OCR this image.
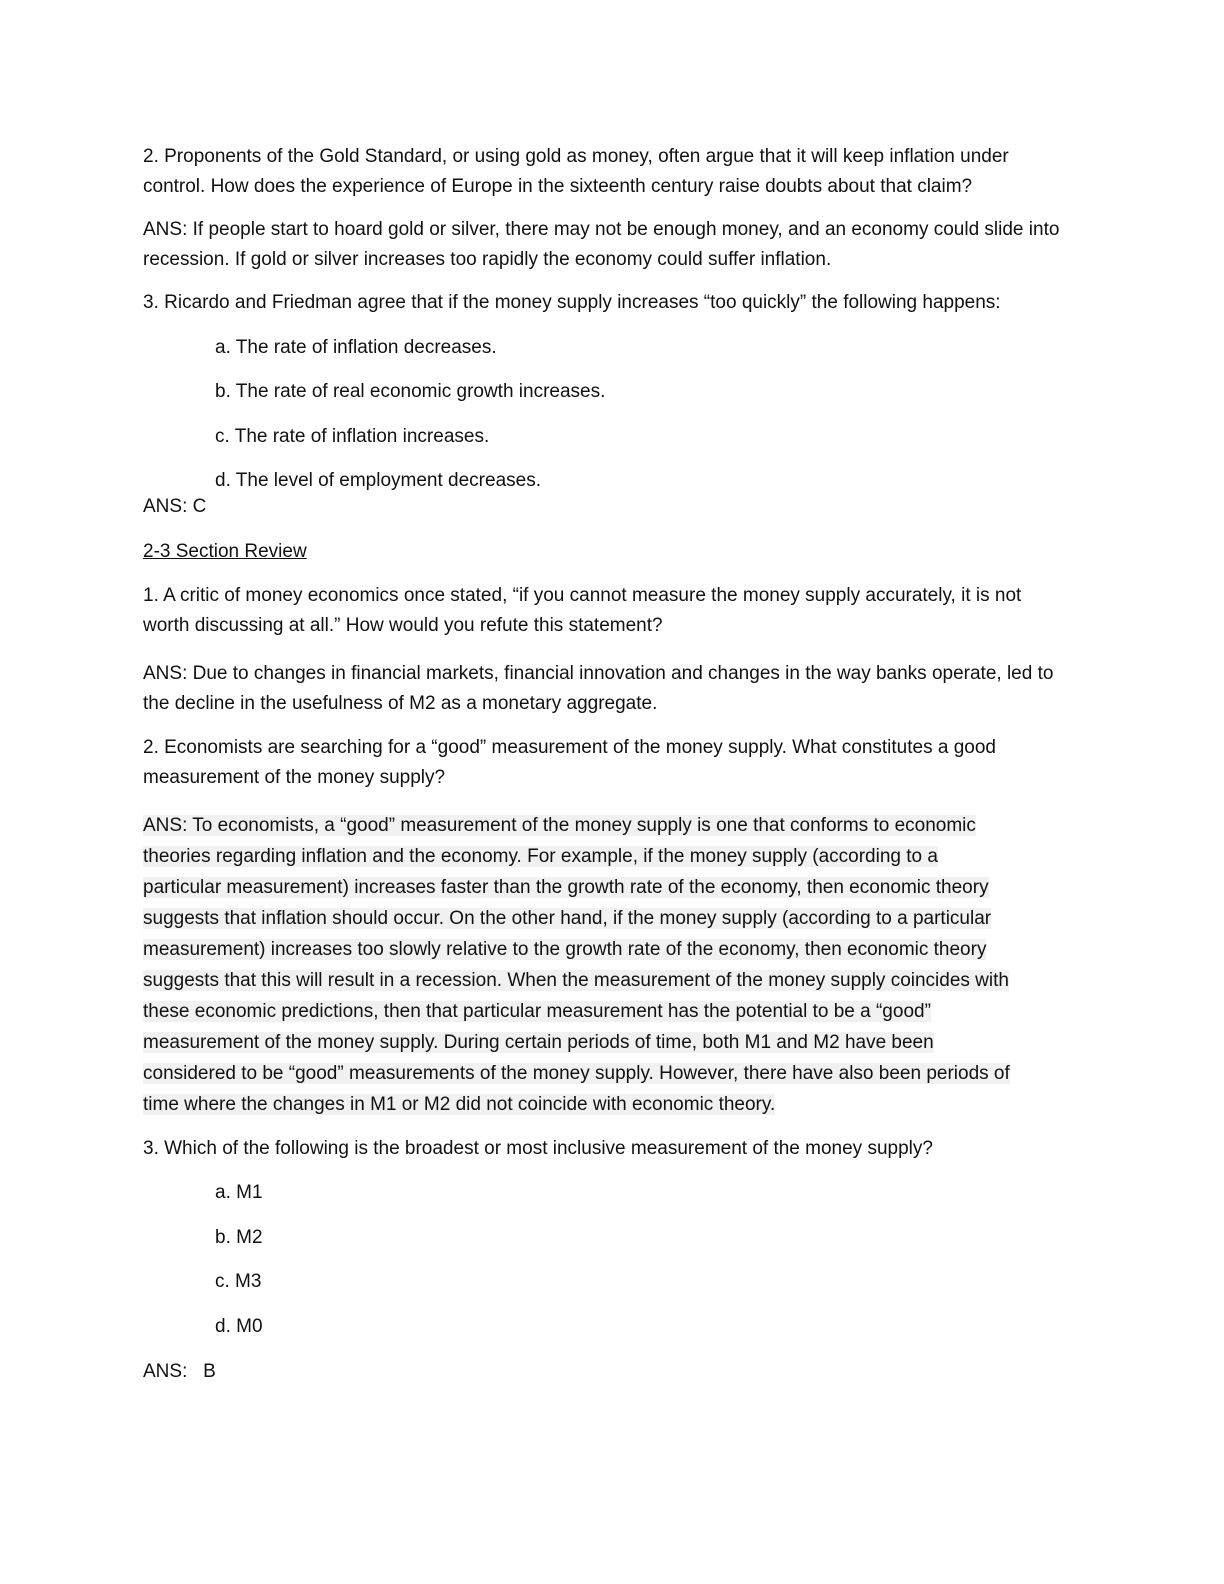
2. Proponents of the Gold Standard, or using gold as money, often argue that it will keep inflation under control. How does the experience of Europe in the sixteenth century raise doubts about that claim?

ANS: If people start to hoard gold or silver, there may not be enough money, and an economy could slide into recession. If gold or silver increases too rapidly the economy could suffer inflation.

3. Ricardo and Friedman agree that if the money supply increases “too quickly” the following happens:

a. The rate of inflation decreases.

b. The rate of real economic growth increases.

c. The rate of inflation increases.

d. The level of employment decreases.

ANS: C

2-3 Section Review

1. A critic of money economics once stated, “if you cannot measure the money supply accurately, it is not worth discussing at all.” How would you refute this statement?

ANS: Due to changes in financial markets, financial innovation and changes in the way banks operate, led to the decline in the usefulness of M2 as a monetary aggregate.

2. Economists are searching for a “good” measurement of the money supply. What constitutes a good measurement of the money supply?

ANS: To economists, a “good” measurement of the money supply is one that conforms to economic
theories regarding inflation and the economy. For example, if the money supply (according to a
particular measurement) increases faster than the growth rate of the economy, then economic theory
suggests that inflation should occur. On the other hand, if the money supply (according to a particular
measurement) increases too slowly relative to the growth rate of the economy, then economic theory
suggests that this will result in a recession. When the measurement of the money supply coincides with
these economic predictions, then that particular measurement has the potential to be a “good”
measurement of the money supply. During certain periods of time, both M1 and M2 have been
considered to be “good” measurements of the money supply. However, there have also been periods of
time where the changes in M1 or M2 did not coincide with economic theory.

3. Which of the following is the broadest or most inclusive measurement of the money supply?

a. M1

b. M2

c. M3

d. M0

ANS:   B
